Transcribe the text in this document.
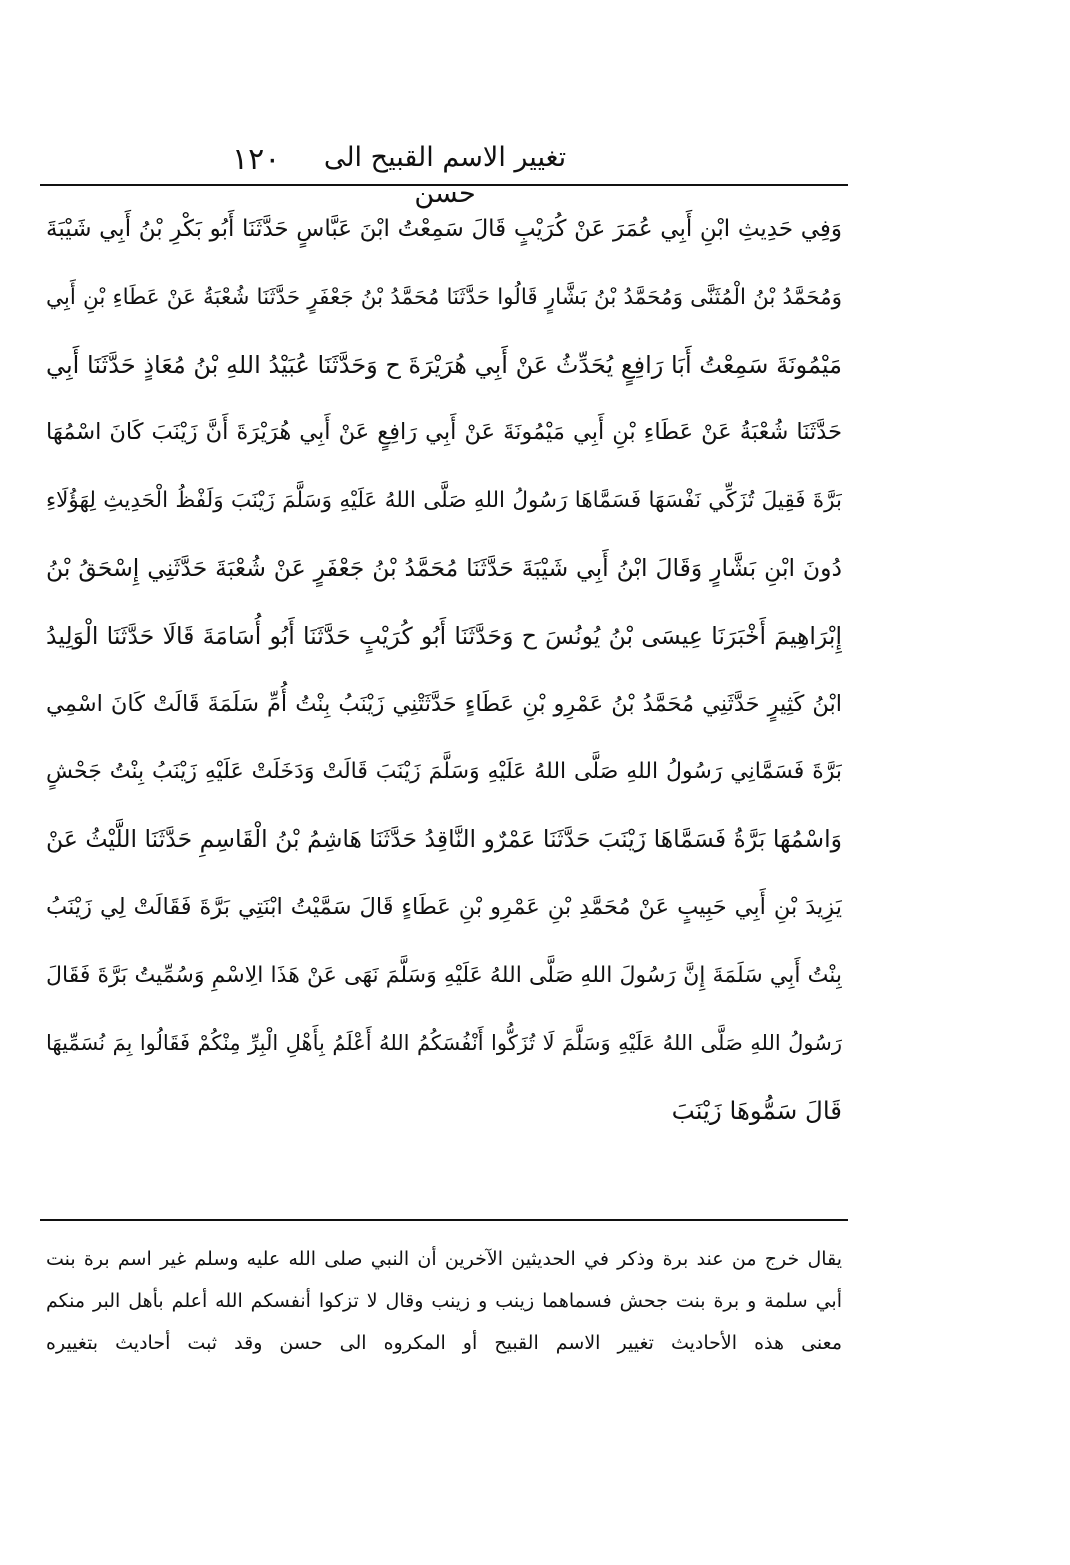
١٢٠	تغيير الاسم القبيح الى حسن
وَفِي حَدِيثِ ابْنِ أَبِي عُمَرَ عَنْ كُرَيْبٍ قَالَ سَمِعْتُ ابْنَ عَبَّاسٍ حَدَّثَنَا أَبُو بَكْرِ بْنُ أَبِي شَيْبَةَ
وَمُحَمَّدُ بْنُ الْمُثَنَّى وَمُحَمَّدُ بْنُ بَشَّارٍ قَالُوا حَدَّثَنَا مُحَمَّدُ بْنُ جَعْفَرٍ حَدَّثَنَا شُعْبَةُ عَنْ عَطَاءِ بْنِ أَبِي
مَيْمُونَةَ سَمِعْتُ أَبَا رَافِعٍ يُحَدِّثُ عَنْ أَبِي هُرَيْرَةَ ح وَحَدَّثَنَا عُبَيْدُ اللهِ بْنُ مُعَاذٍ حَدَّثَنَا أَبِي
حَدَّثَنَا شُعْبَةُ عَنْ عَطَاءِ بْنِ أَبِي مَيْمُونَةَ عَنْ أَبِي رَافِعٍ عَنْ أَبِي هُرَيْرَةَ أَنَّ زَيْنَبَ كَانَ اسْمُهَا
بَرَّةَ فَقِيلَ تُزَكِّي نَفْسَهَا فَسَمَّاهَا رَسُولُ اللهِ صَلَّى اللهُ عَلَيْهِ وَسَلَّمَ زَيْنَبَ وَلَفْظُ الْحَدِيثِ لِهَؤُلَاءِ
دُونَ ابْنِ بَشَّارٍ وَقَالَ ابْنُ أَبِي شَيْبَةَ حَدَّثَنَا مُحَمَّدُ بْنُ جَعْفَرٍ عَنْ شُعْبَةَ حَدَّثَنِي إِسْحَقُ بْنُ
إِبْرَاهِيمَ أَخْبَرَنَا عِيسَى بْنُ يُونُسَ ح وَحَدَّثَنَا أَبُو كُرَيْبٍ حَدَّثَنَا أَبُو أُسَامَةَ قَالَا حَدَّثَنَا الْوَلِيدُ
ابْنُ كَثِيرٍ حَدَّثَنِي مُحَمَّدُ بْنُ عَمْرِو بْنِ عَطَاءٍ حَدَّثَتْنِي زَيْنَبُ بِنْتُ أُمِّ سَلَمَةَ قَالَتْ كَانَ اسْمِي
بَرَّةَ فَسَمَّانِي رَسُولُ اللهِ صَلَّى اللهُ عَلَيْهِ وَسَلَّمَ زَيْنَبَ قَالَتْ وَدَخَلَتْ عَلَيْهِ زَيْنَبُ بِنْتُ جَحْشٍ
وَاسْمُهَا بَرَّةُ فَسَمَّاهَا زَيْنَبَ حَدَّثَنَا عَمْرٌو النَّاقِدُ حَدَّثَنَا هَاشِمُ بْنُ الْقَاسِمِ حَدَّثَنَا اللَّيْثُ عَنْ
يَزِيدَ بْنِ أَبِي حَبِيبٍ عَنْ مُحَمَّدِ بْنِ عَمْرِو بْنِ عَطَاءٍ قَالَ سَمَّيْتُ ابْنَتِي بَرَّةَ فَقَالَتْ لِي زَيْنَبُ
بِنْتُ أَبِي سَلَمَةَ إِنَّ رَسُولَ اللهِ صَلَّى اللهُ عَلَيْهِ وَسَلَّمَ نَهَى عَنْ هَذَا الِاسْمِ وَسُمِّيتُ بَرَّةَ فَقَالَ
رَسُولُ اللهِ صَلَّى اللهُ عَلَيْهِ وَسَلَّمَ لَا تُزَكُّوا أَنْفُسَكُمُ اللهُ أَعْلَمُ بِأَهْلِ الْبِرِّ مِنْكُمْ فَقَالُوا بِمَ نُسَمِّيهَا
قَالَ سَمُّوهَا زَيْنَبَ
يقال خرج من عند برة وذكر في الحديثين الآخرين أن النبي صلى الله عليه وسلم غير اسم برة بنت
أبي سلمة و برة بنت جحش فسماهما زينب و زينب وقال لا تزكوا أنفسكم الله أعلم بأهل البر منكم
معنى هذه الأحاديث تغيير الاسم القبيح أو المكروه الى حسن وقد ثبت أحاديث بتغييره
